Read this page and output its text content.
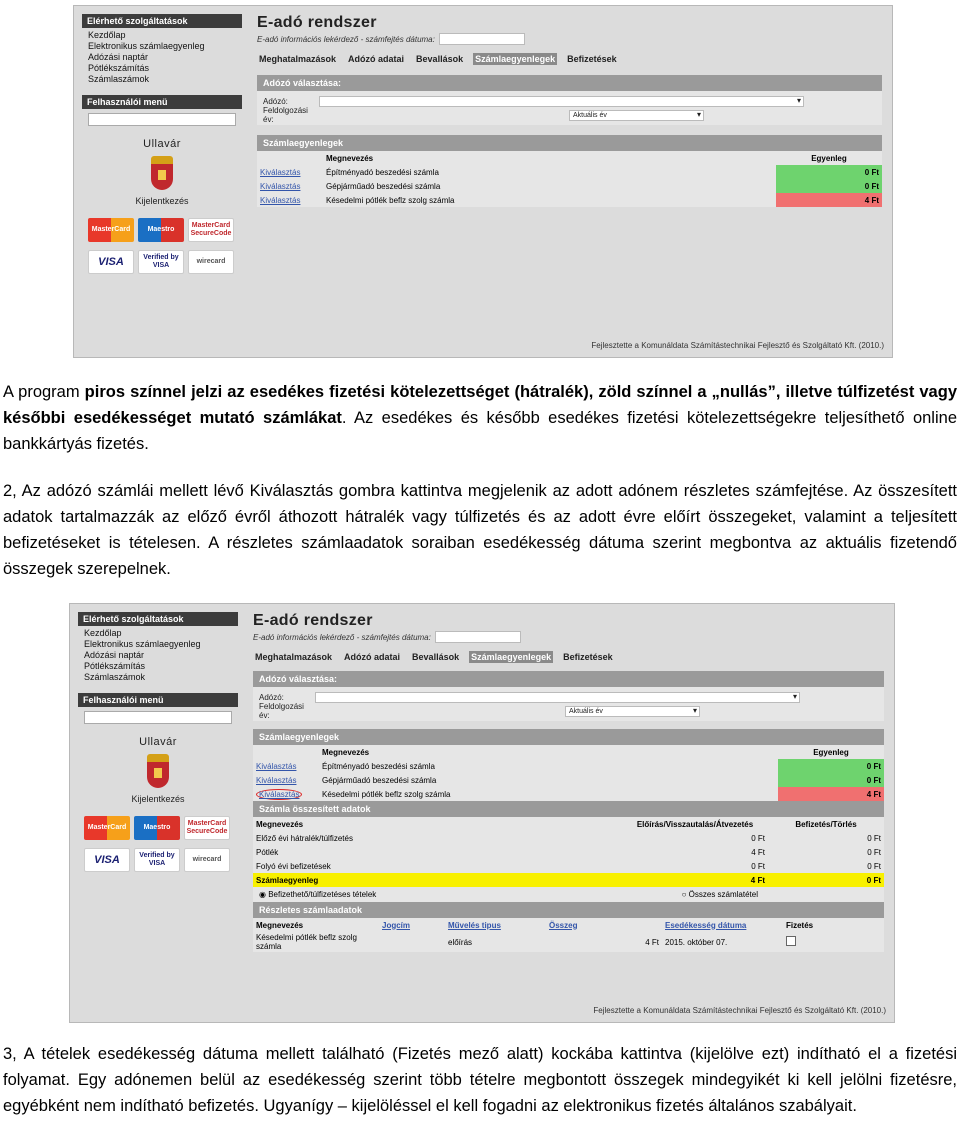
Elérhető szolgáltatások
Kezdőlap
Elektronikus számlaegyenleg
Adózási naptár
Pótlékszámítás
Számlaszámok
Felhasználói menü
Ullavár
Kijelentkezés
MasterCard	Maestro
MasterCard SecureCode
VISA	Verified by VISA
wirecard
E-adó rendszer
E-adó információs lekérdező - számfejtés dátuma:
Meghatalmazások Adózó adatai Bevallások Számlaegyenlegek Befizetések
Adózó választása:
Adózó:
▾
Feldolgozási év:	Aktuális év ▾
Számlaegyenlegek
	Megnevezés	Egyenleg
Kiválasztás	Építményadó beszedési számla	0 Ft
Kiválasztás	Gépjárműadó beszedési számla	0 Ft
Kiválasztás	Késedelmi pótlék beflz szolg számla	4 Ft
Fejlesztette a Komunáldata Számítástechnikai Fejlesztő és Szolgáltató Kft. (2010.)

A program piros színnel jelzi az esedékes fizetési kötelezettséget (hátralék), zöld színnel a „nullás”, illetve túlfizetést vagy későbbi esedékességet mutató számlákat. Az esedékes és később esedékes fizetési kötelezettségekre teljesíthető online bankkártyás fizetés.

2, Az adózó számlái mellett lévő Kiválasztás gombra kattintva megjelenik az adott adónem részletes számfejtése. Az összesített adatok tartalmazzák az előző évről áthozott hátralék vagy túlfizetés és az adott évre előírt összegeket, valamint a teljesített befizetéseket is tételesen. A részletes számlaadatok soraiban esedékesség dátuma szerint megbontva az aktuális fizetendő összegek szerepelnek.

Elérhető szolgáltatások
Kezdőlap
Elektronikus számlaegyenleg
Adózási naptár
Pótlékszámítás
Számlaszámok
Felhasználói menü
Ullavár
Kijelentkezés
MasterCard	Maestro
MasterCard SecureCode
VISA	Verified by VISA
wirecard
E-adó rendszer
E-adó információs lekérdező - számfejtés dátuma:
Meghatalmazások Adózó adatai Bevallások Számlaegyenlegek Befizetések
Adózó választása:
Adózó:
▾
Feldolgozási év:	Aktuális év ▾
Számlaegyenlegek
	Megnevezés	Egyenleg
Kiválasztás	Építményadó beszedési számla	0 Ft
Kiválasztás	Gépjárműadó beszedési számla	0 Ft
Kiválasztás	Késedelmi pótlék beflz szolg számla	4 Ft
Számla összesített adatok
Megnevezés	Előírás/Visszautalás/Átvezetés	Befizetés/Törlés
Előző évi hátralék/túlfizetés	0 Ft	0 Ft
Pótlék	4 Ft	0 Ft
Folyó évi befizetések	0 Ft	0 Ft
Számlaegyenleg	4 Ft	0 Ft
◉ Befizethető/túlfizetéses tételek	○ Összes számlatétel
Részletes számlaadatok
Megnevezés	Jogcím	Művelés tipus	Összeg	Esedékesség dátuma	Fizetés
Késedelmi pótlék beflz szolg számla		előírás	4 Ft	2015. október 07.	
Fejlesztette a Komunáldata Számítástechnikai Fejlesztő és Szolgáltató Kft. (2010.)

3, A tételek esedékesség dátuma mellett található (Fizetés mező alatt) kockába kattintva (kijelölve ezt) indítható el a fizetési folyamat. Egy adónemen belül az esedékesség szerint több tételre megbontott összegek mindegyikét ki kell jelölni fizetésre, egyébként nem indítható befizetés. Ugyanígy – kijelöléssel el kell fogadni az elektronikus fizetés általános szabályait.
